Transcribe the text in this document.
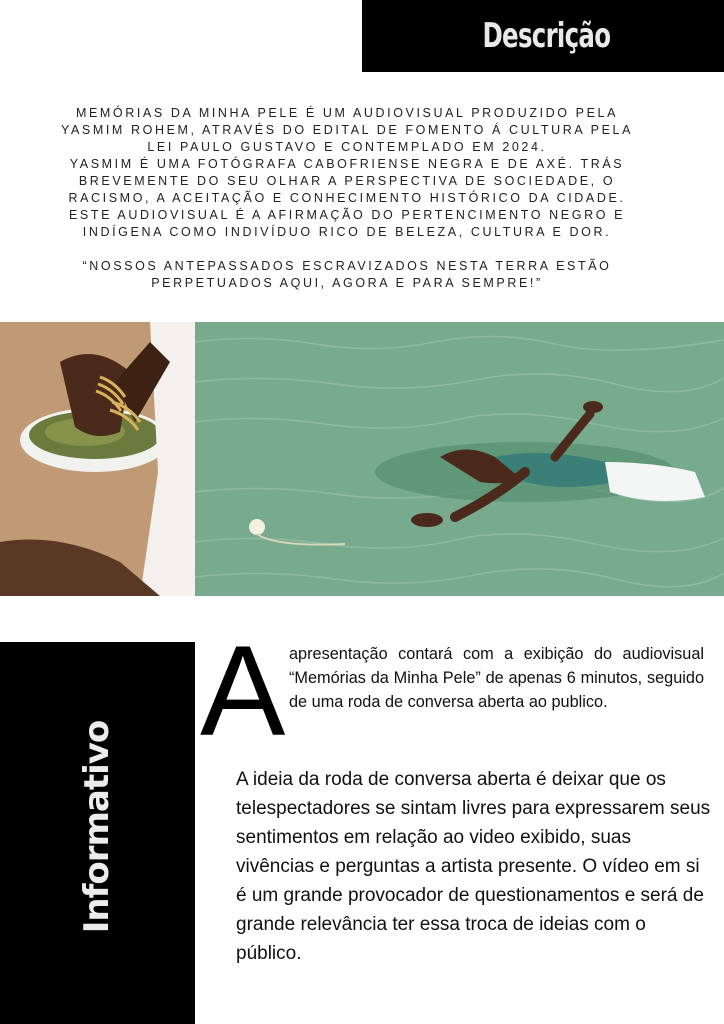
Descrição

MEMÓRIAS DA MINHA PELE É UM AUDIOVISUAL PRODUZIDO PELA

YASMIM ROHEM, ATRAVÉS DO EDITAL DE FOMENTO Á CULTURA PELA

LEI PAULO GUSTAVO E CONTEMPLADO EM 2024.

YASMIM É UMA FOTÓGRAFA CABOFRIENSE NEGRA E DE AXÉ. TRÁS

BREVEMENTE DO SEU OLHAR A PERSPECTIVA DE SOCIEDADE, O

RACISMO, A ACEITAÇÃO E CONHECIMENTO HISTÓRICO DA CIDADE.

ESTE AUDIOVISUAL É A AFIRMAÇÃO DO PERTENCIMENTO NEGRO E

INDÍGENA COMO INDIVÍDUO RICO DE BELEZA, CULTURA E DOR.

“NOSSOS ANTEPASSADOS ESCRAVIZADOS NESTA TERRA ESTÃO

PERPETUADOS AQUI, AGORA E PARA SEMPRE!”

Informativo
A apresentação contará com a exibição do audiovisual “Memórias da Minha Pele” de apenas 6 minutos, seguido de uma roda de conversa aberta ao publico.

A ideia da roda de conversa aberta é deixar que os telespectadores se sintam livres para expressarem seus sentimentos em relação ao video exibido, suas vivências e perguntas a artista presente. O vídeo em si é um grande provocador de questionamentos e será de grande relevância ter essa troca de ideias com o público.
